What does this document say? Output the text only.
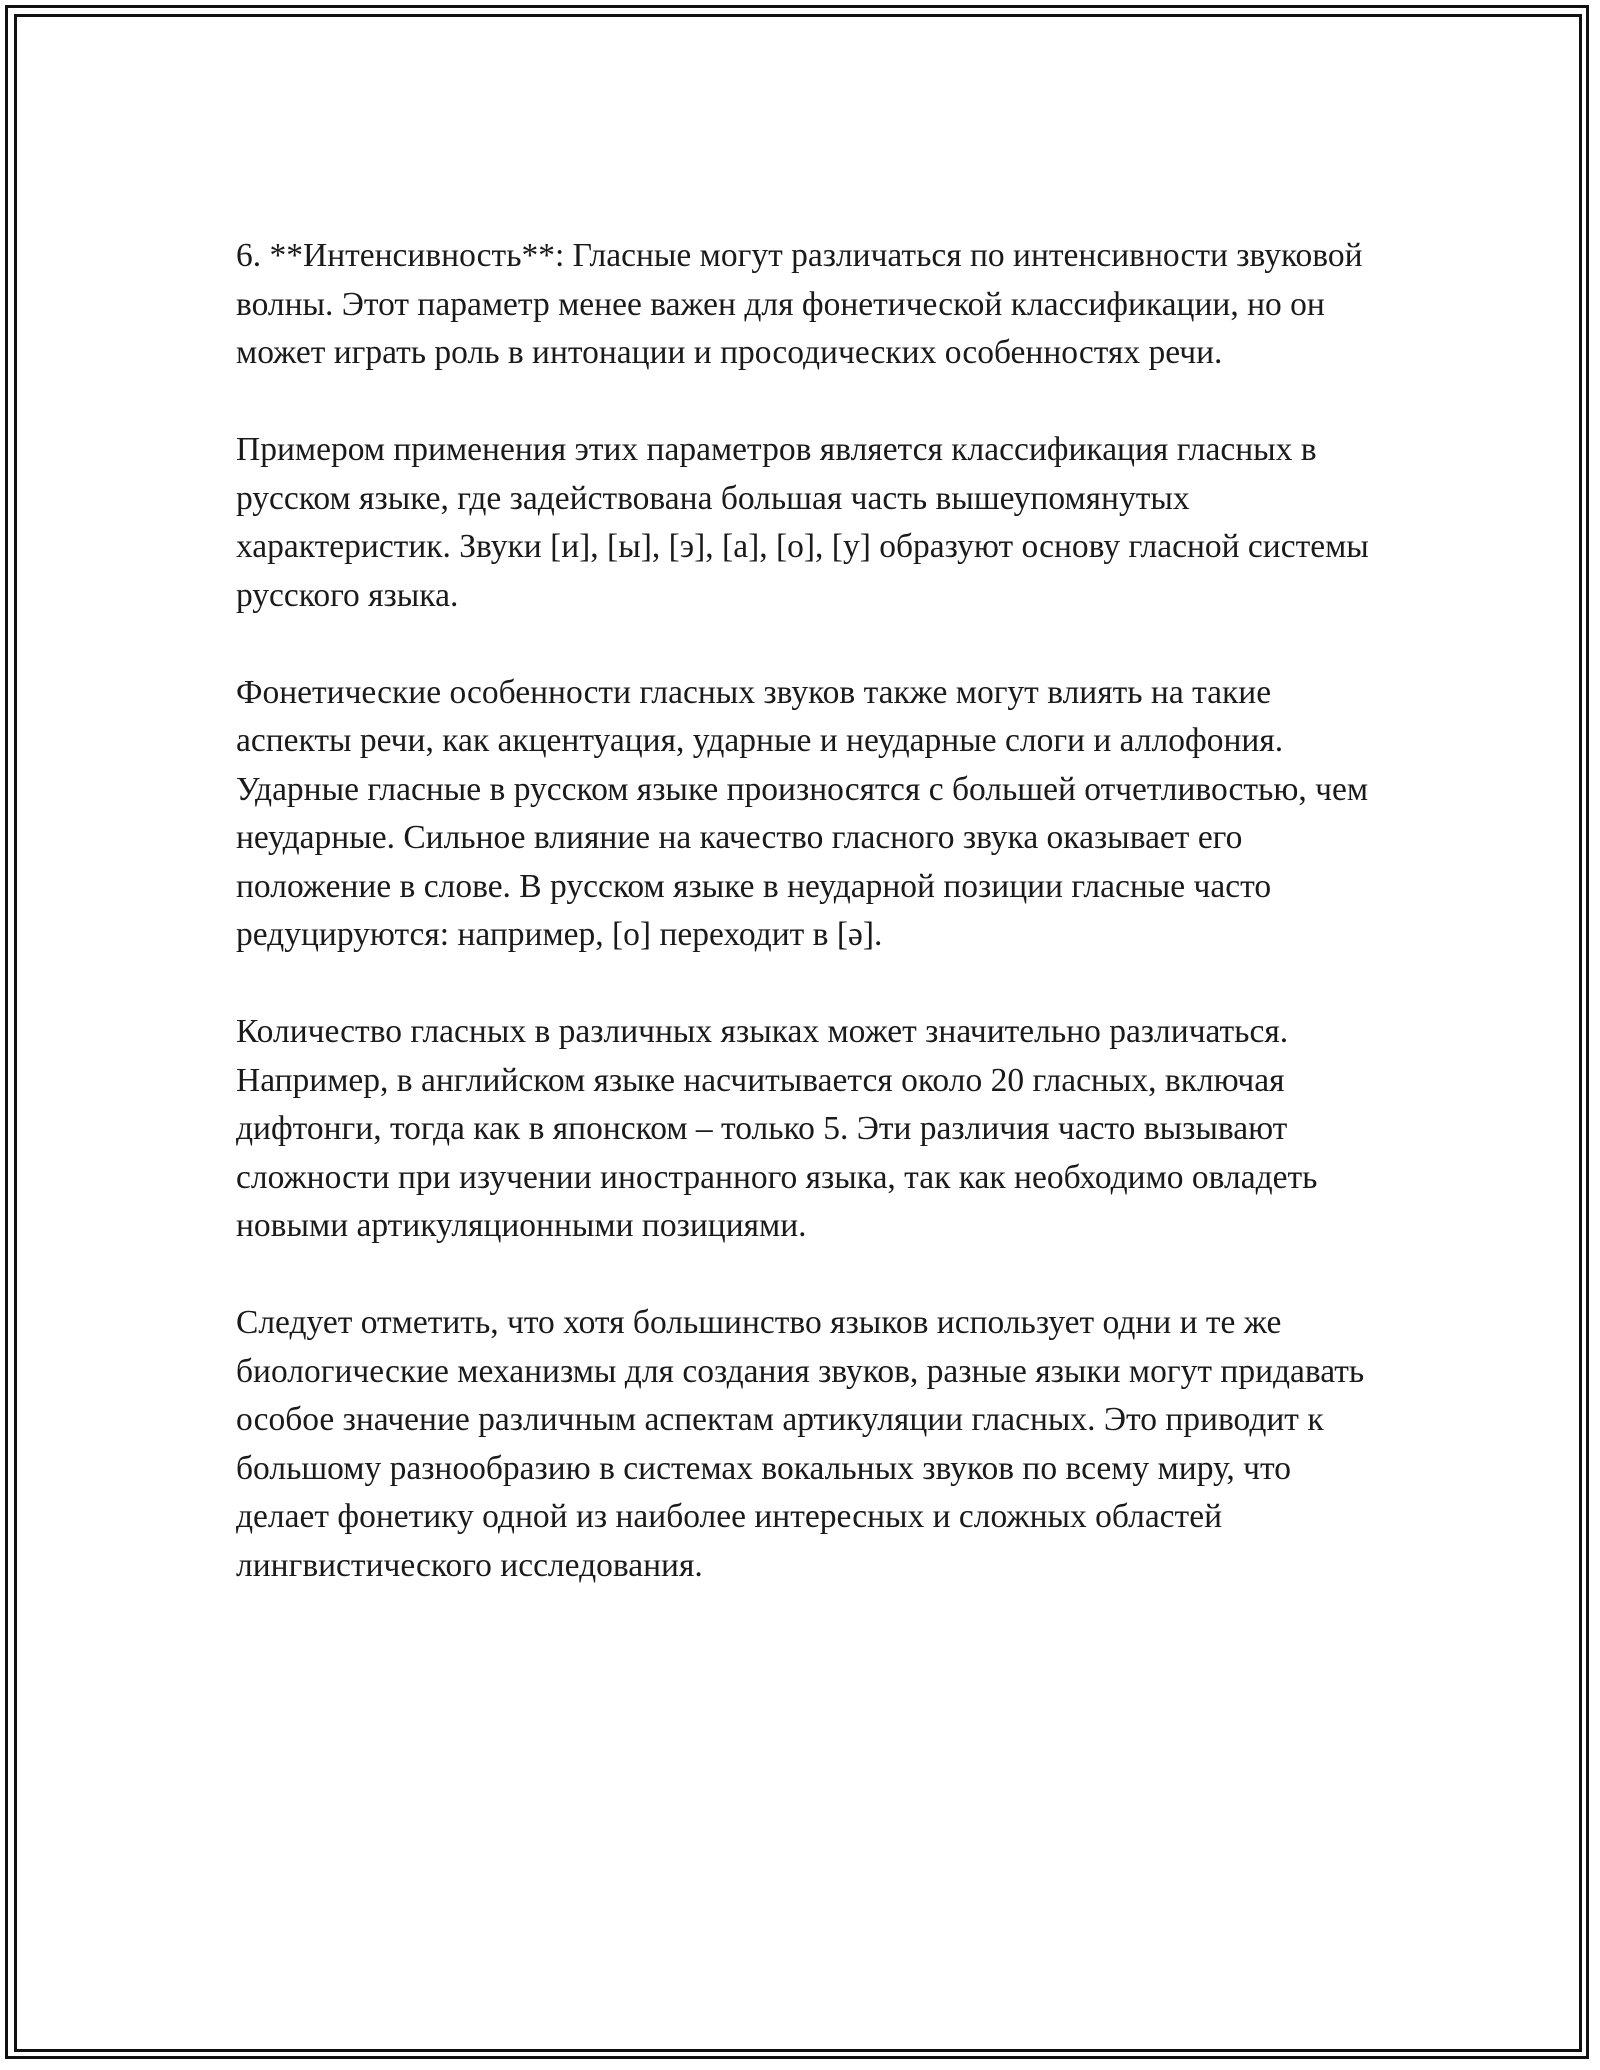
6. **Интенсивность**: Гласные могут различаться по интенсивности звуковой волны. Этот параметр менее важен для фонетической классификации, но он может играть роль в интонации и просодических особенностях речи.

Примером применения этих параметров является классификация гласных в русском языке, где задействована большая часть вышеупомянутых характеристик. Звуки [и], [ы], [э], [а], [о], [у] образуют основу гласной системы русского языка.

Фонетические особенности гласных звуков также могут влиять на такие аспекты речи, как акцентуация, ударные и неударные слоги и аллофония. Ударные гласные в русском языке произносятся с большей отчетливостью, чем неударные. Сильное влияние на качество гласного звука оказывает его положение в слове. В русском языке в неударной позиции гласные часто редуцируются: например, [о] переходит в [ə].

Количество гласных в различных языках может значительно различаться. Например, в английском языке насчитывается около 20 гласных, включая дифтонги, тогда как в японском – только 5. Эти различия часто вызывают сложности при изучении иностранного языка, так как необходимо овладеть новыми артикуляционными позициями.

Следует отметить, что хотя большинство языков использует одни и те же биологические механизмы для создания звуков, разные языки могут придавать особое значение различным аспектам артикуляции гласных. Это приводит к большому разнообразию в системах вокальных звуков по всему миру, что делает фонетику одной из наиболее интересных и сложных областей лингвистического исследования.
